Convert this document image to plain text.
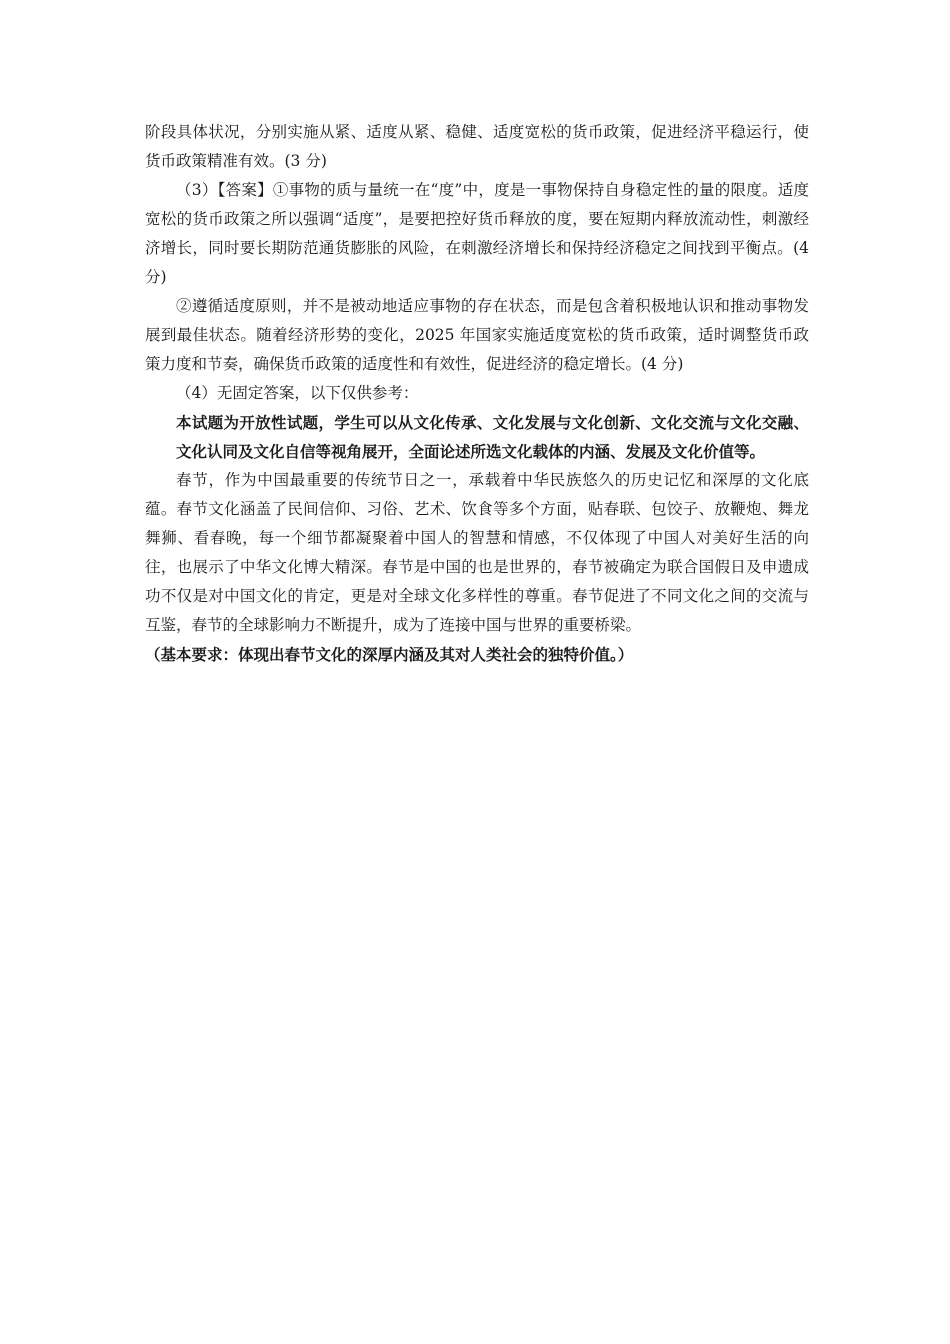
阶段具体状况，分别实施从紧、适度从紧、稳健、适度宽松的货币政策，促进经济平稳运行，使货币政策精准有效。(3 分)

（3）【答案】①事物的质与量统一在“度”中，度是一事物保持自身稳定性的量的限度。适度宽松的货币政策之所以强调“适度”，是要把控好货币释放的度，要在短期内释放流动性，刺激经济增长，同时要长期防范通货膨胀的风险，在刺激经济增长和保持经济稳定之间找到平衡点。(4 分)

②遵循适度原则，并不是被动地适应事物的存在状态，而是包含着积极地认识和推动事物发展到最佳状态。随着经济形势的变化，2025 年国家实施适度宽松的货币政策，适时调整货币政策力度和节奏，确保货币政策的适度性和有效性，促进经济的稳定增长。(4 分)

（4）无固定答案，以下仅供参考：

本试题为开放性试题，学生可以从文化传承、文化发展与文化创新、文化交流与文化交融、文化认同及文化自信等视角展开，全面论述所选文化载体的内涵、发展及文化价值等。

春节，作为中国最重要的传统节日之一，承载着中华民族悠久的历史记忆和深厚的文化底蕴。春节文化涵盖了民间信仰、习俗、艺术、饮食等多个方面，贴春联、包饺子、放鞭炮、舞龙舞狮、看春晚，每一个细节都凝聚着中国人的智慧和情感，不仅体现了中国人对美好生活的向往，也展示了中华文化博大精深。春节是中国的也是世界的，春节被确定为联合国假日及申遗成功不仅是对中国文化的肯定，更是对全球文化多样性的尊重。春节促进了不同文化之间的交流与互鉴，春节的全球影响力不断提升，成为了连接中国与世界的重要桥梁。

（基本要求：体现出春节文化的深厚内涵及其对人类社会的独特价值。）
